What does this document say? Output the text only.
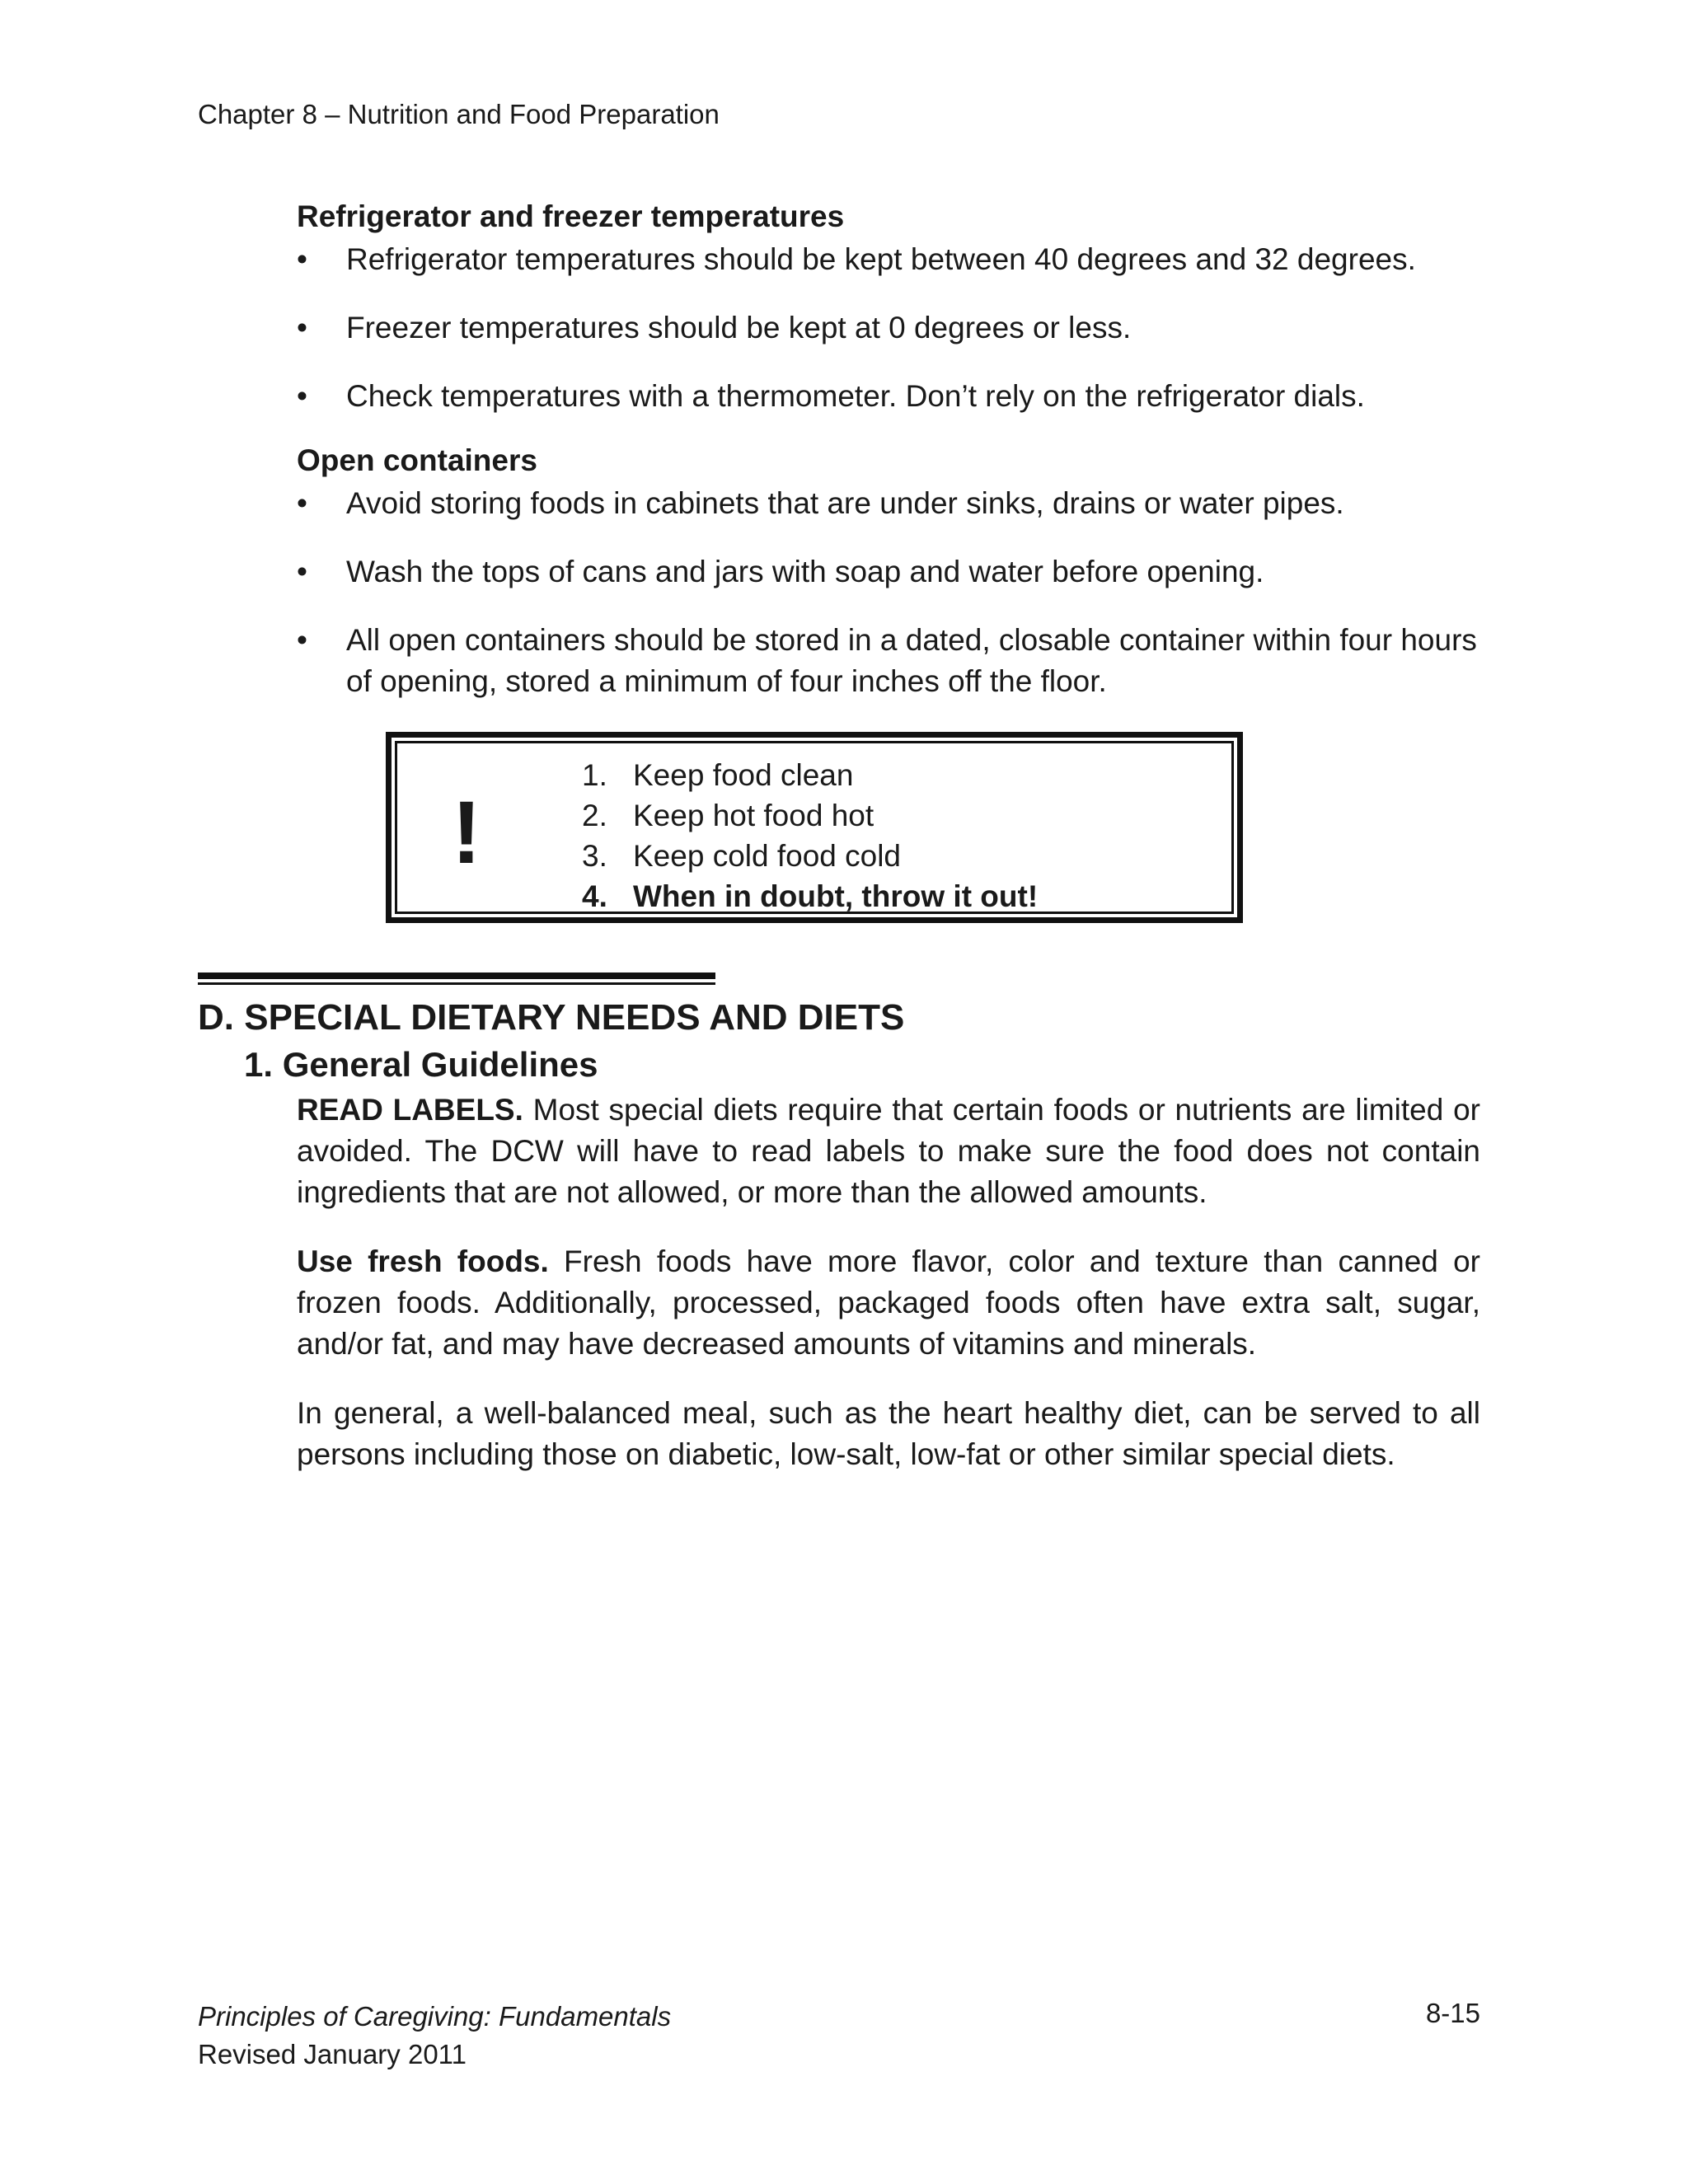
Chapter 8 – Nutrition and Food Preparation
Refrigerator and freezer temperatures
•	Refrigerator temperatures should be kept between 40 degrees and 32 degrees.
•	Freezer temperatures should be kept at 0 degrees or less.
•	Check temperatures with a thermometer. Don’t rely on the refrigerator dials.
Open containers
•	Avoid storing foods in cabinets that are under sinks, drains or water pipes.
•	Wash the tops of cans and jars with soap and water before opening.
•	All open containers should be stored in a dated, closable container within four hours of opening, stored a minimum of four inches off the floor.
!
1. Keep food clean
2. Keep hot food hot
3. Keep cold food cold
4. When in doubt, throw it out!
D. SPECIAL DIETARY NEEDS AND DIETS
1. General Guidelines

READ LABELS. Most special diets require that certain foods or nutrients are limited or avoided. The DCW will have to read labels to make sure the food does not contain ingredients that are not allowed, or more than the allowed amounts.

Use fresh foods. Fresh foods have more flavor, color and texture than canned or frozen foods. Additionally, processed, packaged foods often have extra salt, sugar, and/or fat, and may have decreased amounts of vitamins and minerals.

In general, a well-balanced meal, such as the heart healthy diet, can be served to all persons including those on diabetic, low-salt, low-fat or other similar special diets.

Principles of Caregiving: Fundamentals
Revised January 2011
8-15
